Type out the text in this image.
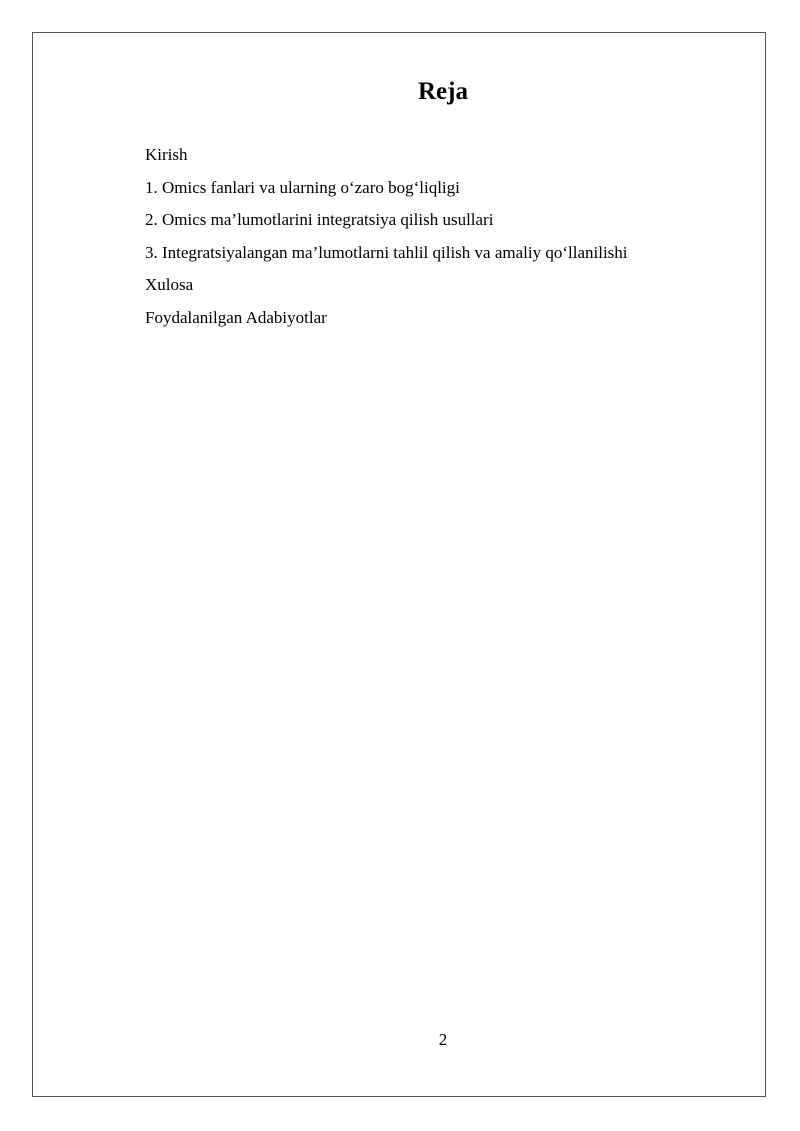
Reja
Kirish
1. Omics fanlari va ularning o‘zaro bog‘liqligi
2. Omics ma’lumotlarini integratsiya qilish usullari
3. Integratsiyalangan ma’lumotlarni tahlil qilish va amaliy qo‘llanilishi
Xulosa
Foydalanilgan Adabiyotlar
2
